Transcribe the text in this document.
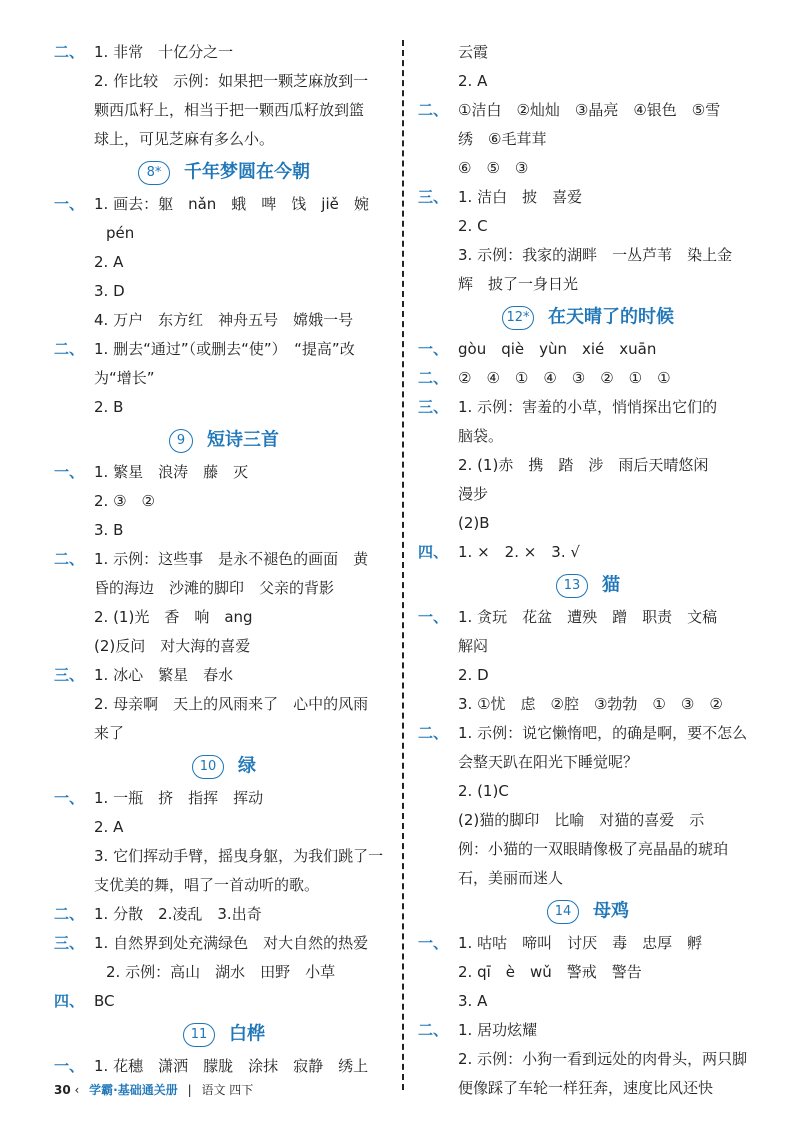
二、 1. 非常　十亿分之一
2. 作比较　示例：如果把一颗芝麻放到一
颗西瓜籽上，相当于把一颗西瓜籽放到篮
球上，可见芝麻有多么小。
8* 千年梦圆在今朝
一、 1. 画去：躯　nǎn　蛾　啤　饯　jiě　婉
pén
2. A
3. D
4. 万户　东方红　神舟五号　嫦娥一号
二、 1. 删去“通过”（或删去“使”）　“提高”改
为“增长”
2. B
9 短诗三首
一、 1. 繁星　浪涛　藤　灭
2. ③　②
3. B
二、 1. 示例：这些事　是永不褪色的画面　黄
昏的海边　沙滩的脚印　父亲的背影
2. (1)光　香　响　ang
(2)反问　对大海的喜爱
三、 1. 冰心　繁星　春水
2. 母亲啊　天上的风雨来了　心中的风雨
来了
10 绿
一、 1. 一瓶　挤　指挥　挥动
2. A
3. 它们挥动手臂，摇曳身躯，为我们跳了一
支优美的舞，唱了一首动听的歌。
二、 1. 分散　2.凌乱　3.出奇
三、 1. 自然界到处充满绿色　对大自然的热爱
2. 示例：高山　湖水　田野　小草
四、 BC
11 白桦
一、 1. 花穗　潇洒　朦胧　涂抹　寂静　绣上
云霞
2. A
二、 ①洁白　②灿灿　③晶亮　④银色　⑤雪
绣　⑥毛茸茸
⑥　⑤　③
三、 1. 洁白　披　喜爱
2. C
3. 示例：我家的湖畔　一丛芦苇　染上金
辉　披了一身日光
12* 在天晴了的时候
一、 gòu　qiè　yùn　xié　xuān
二、 ②　④　①　④　③　②　①　①
三、 1. 示例：害羞的小草，悄悄探出它们的
脑袋。
2. (1)赤　携　踏　涉　雨后天晴悠闲
漫步
(2)B
四、 1. ×　2. ×　3. √
13 猫
一、 1. 贪玩　花盆　遭殃　蹭　职责　文稿
解闷
2. D
3. ①忧　虑　②腔　③勃勃　①　③　②
二、 1. 示例：说它懒惰吧，的确是啊，要不怎么
会整天趴在阳光下睡觉呢？
2. (1)C
(2)猫的脚印　比喻　对猫的喜爱　示
例：小猫的一双眼睛像极了亮晶晶的琥珀
石，美丽而迷人
14 母鸡
一、 1. 咕咕　啼叫　讨厌　毒　忠厚　孵
2. qī　è　wǔ　警戒　警告
3. A
二、 1. 居功炫耀
2. 示例：小狗一看到远处的肉骨头，两只脚
便像踩了车轮一样狂奔，速度比风还快
30 ‹ 学霸·基础通关册 | 语文 四下
